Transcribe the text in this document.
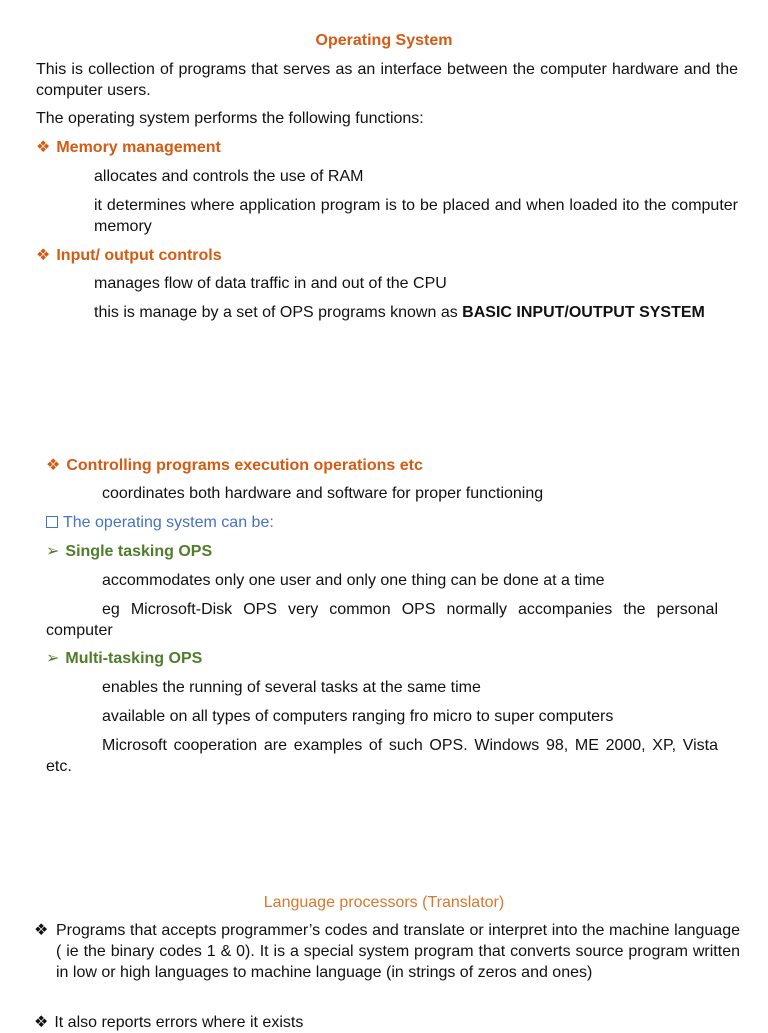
Operating System
This is collection of programs that serves as an interface between the computer hardware and the computer users.
The operating system performs the following functions:
❖ Memory management
allocates and controls the use of RAM
it determines where application program is to be placed and when loaded ito the computer memory
❖ Input/ output controls
manages flow of data traffic in and out of the CPU
this is manage by a set of OPS programs known as BASIC INPUT/OUTPUT SYSTEM
❖ Controlling programs execution operations etc
coordinates both hardware and software for proper functioning
The operating system can be:
➢ Single tasking OPS
accommodates only one user and only one thing can be done at a time
eg Microsoft-Disk OPS very common OPS normally accompanies the personal computer
➢ Multi-tasking OPS
enables the running of several tasks at the same time
available on all types of computers ranging fro micro to super computers
Microsoft cooperation are examples of such OPS. Windows 98, ME 2000, XP, Vista etc.
Language processors (Translator)
❖ Programs that accepts programmer’s codes and translate or interpret into the machine language ( ie the binary codes 1 & 0). It is a special system program that converts source program written in low or high languages to machine language (in strings of zeros and ones)
❖ It also reports errors where it exists
